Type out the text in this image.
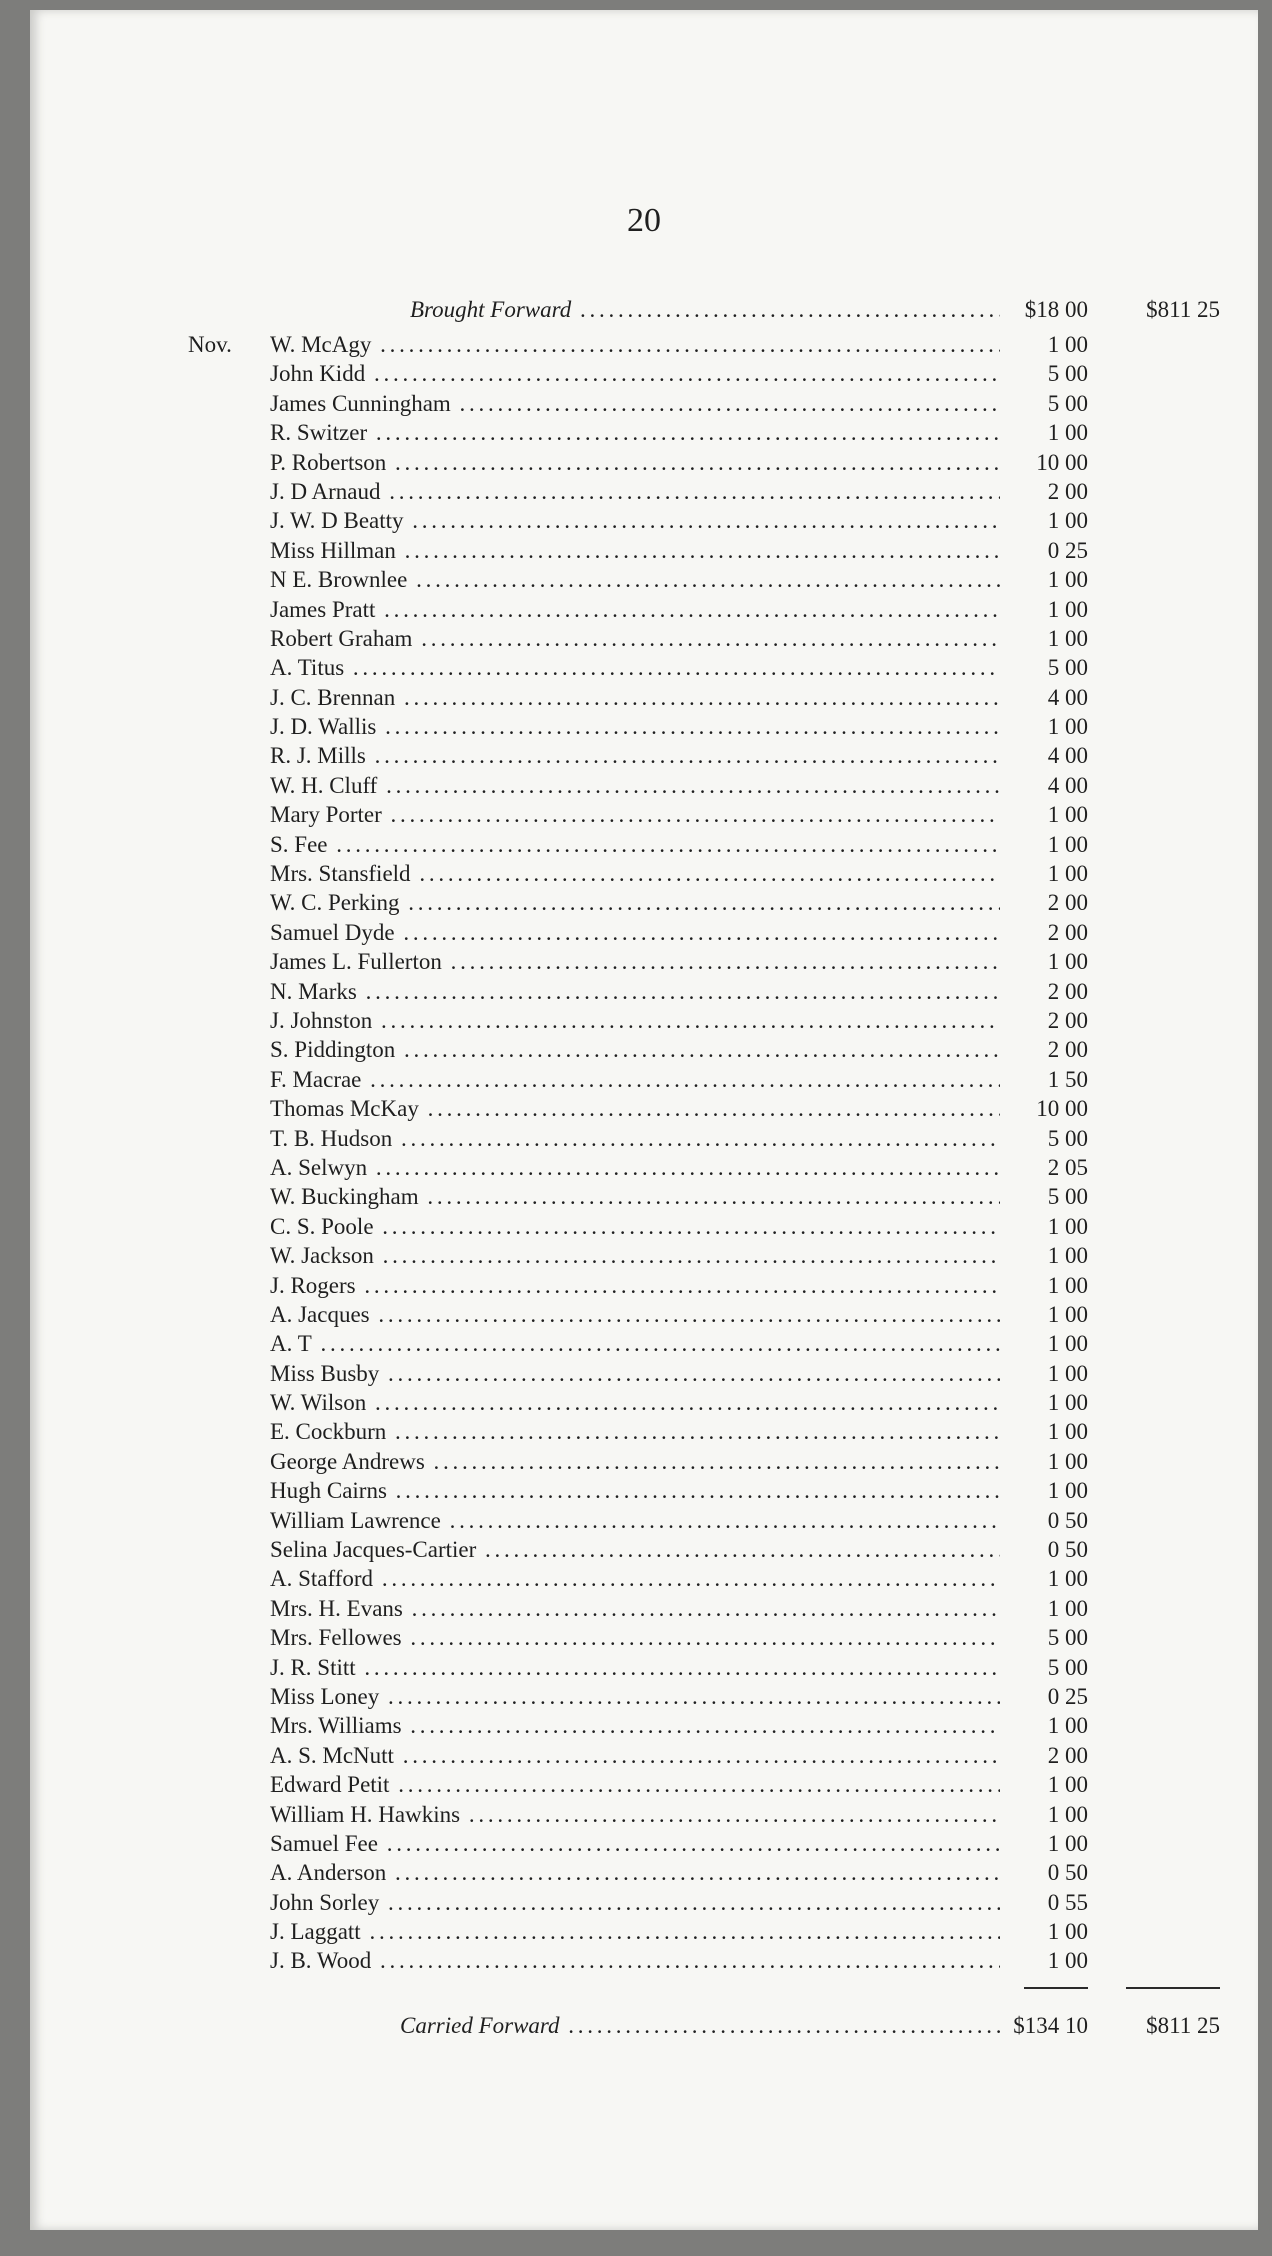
20
Brought Forward . . .	$18 00	$811 25
Nov. W. McAgy . . .	1 00
John Kidd . . .	5 00
James Cunningham . . .	5 00
R. Switzer . . .	1 00
P. Robertson . . .	10 00
J. D Arnaud . . .	2 00
J. W. D Beatty . . .	1 00
Miss Hillman . . .	0 25
N E. Brownlee . . .	1 00
James Pratt . . .	1 00
Robert Graham . . .	1 00
A. Titus . . .	5 00
J. C. Brennan . . .	4 00
J. D. Wallis . . .	1 00
R. J. Mills . . .	4 00
W. H. Cluff . . .	4 00
Mary Porter . . .	1 00
S. Fee . . .	1 00
Mrs. Stansfield . . .	1 00
W. C. Perking . . .	2 00
Samuel Dyde . . .	2 00
James L. Fullerton . . .	1 00
N. Marks . . .	2 00
J. Johnston . . .	2 00
S. Piddington . . .	2 00
F. Macrae . . .	1 50
Thomas McKay . . .	10 00
T. B. Hudson . . .	5 00
A. Selwyn . . .	2 05
W. Buckingham . . .	5 00
C. S. Poole . . .	1 00
W. Jackson . . .	1 00
J. Rogers . . .	1 00
A. Jacques . . .	1 00
A. T . . .	1 00
Miss Busby . . .	1 00
W. Wilson . . .	1 00
E. Cockburn . . .	1 00
George Andrews . . .	1 00
Hugh Cairns . . .	1 00
William Lawrence . . .	0 50
Selina Jacques-Cartier . . .	0 50
A. Stafford . . .	1 00
Mrs. H. Evans . . .	1 00
Mrs. Fellowes . . .	5 00
J. R. Stitt . . .	5 00
Miss Loney . . .	0 25
Mrs. Williams . . .	1 00
A. S. McNutt . . .	2 00
Edward Petit . . .	1 00
William H. Hawkins . . .	1 00
Samuel Fee . . .	1 00
A. Anderson . . .	0 50
John Sorley . . .	0 55
J. Laggatt . . .	1 00
J. B. Wood . . .	1 00
Carried Forward . . .	$134 10	$811 25
